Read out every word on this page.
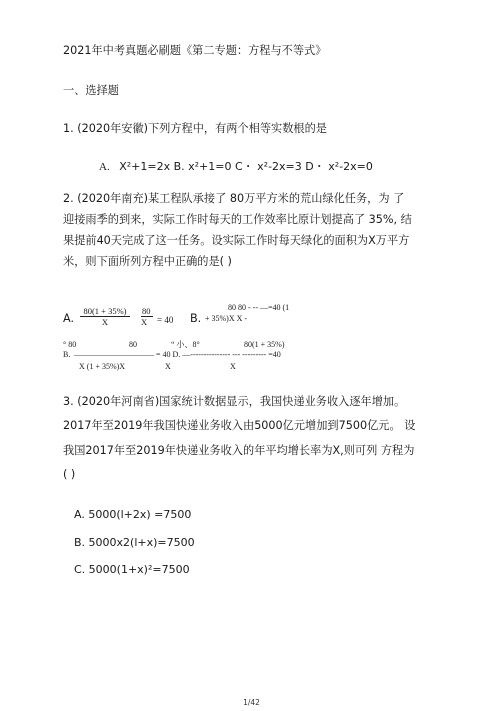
2021年中考真题必刷题《第二专题：方程与不等式》
一、选择题
1. (2020年安徽)下列方程中，有两个相等实数根的是
A. X²+1=2x B. x²+1=0 C・ x²-2x=3 D・ x²-2x=0
2. (2020年南充)某工程队承接了 80万平方米的荒山绿化任务，为 了
迎接雨季的到来，实际工作时每天的工作效率比原计划提高了 35%, 结
果提前40天完成了这一任务。设实际工作时每天绿化的面积为X万平方
米，则下面所列方程中正确的是( )
A. $\frac{80(1 + 35\%)}{X} \frac{80}{X} = 40$ B.
80 80 - -- —=40 (1
+ 35%)X X -
° 80	80	“ 小、8°	80(1 + 35%)
B. —————————— = 40 D. —--------------- --- --------- =40
X (1 + 35%)X	X	X
3. (2020年河南省)国家统计数据显示，我国快递业务收入逐年增加。
2017年至2019年我国快递业务收入由5000亿元增加到7500亿元。 设
我国2017年至2019年快递业务收入的年平均增长率为X,则可列 方程为
( )
A. 5000(l+2x) =7500
B. 5000x2(l+x)=7500
C. 5000(1+x)²=7500
1/42
